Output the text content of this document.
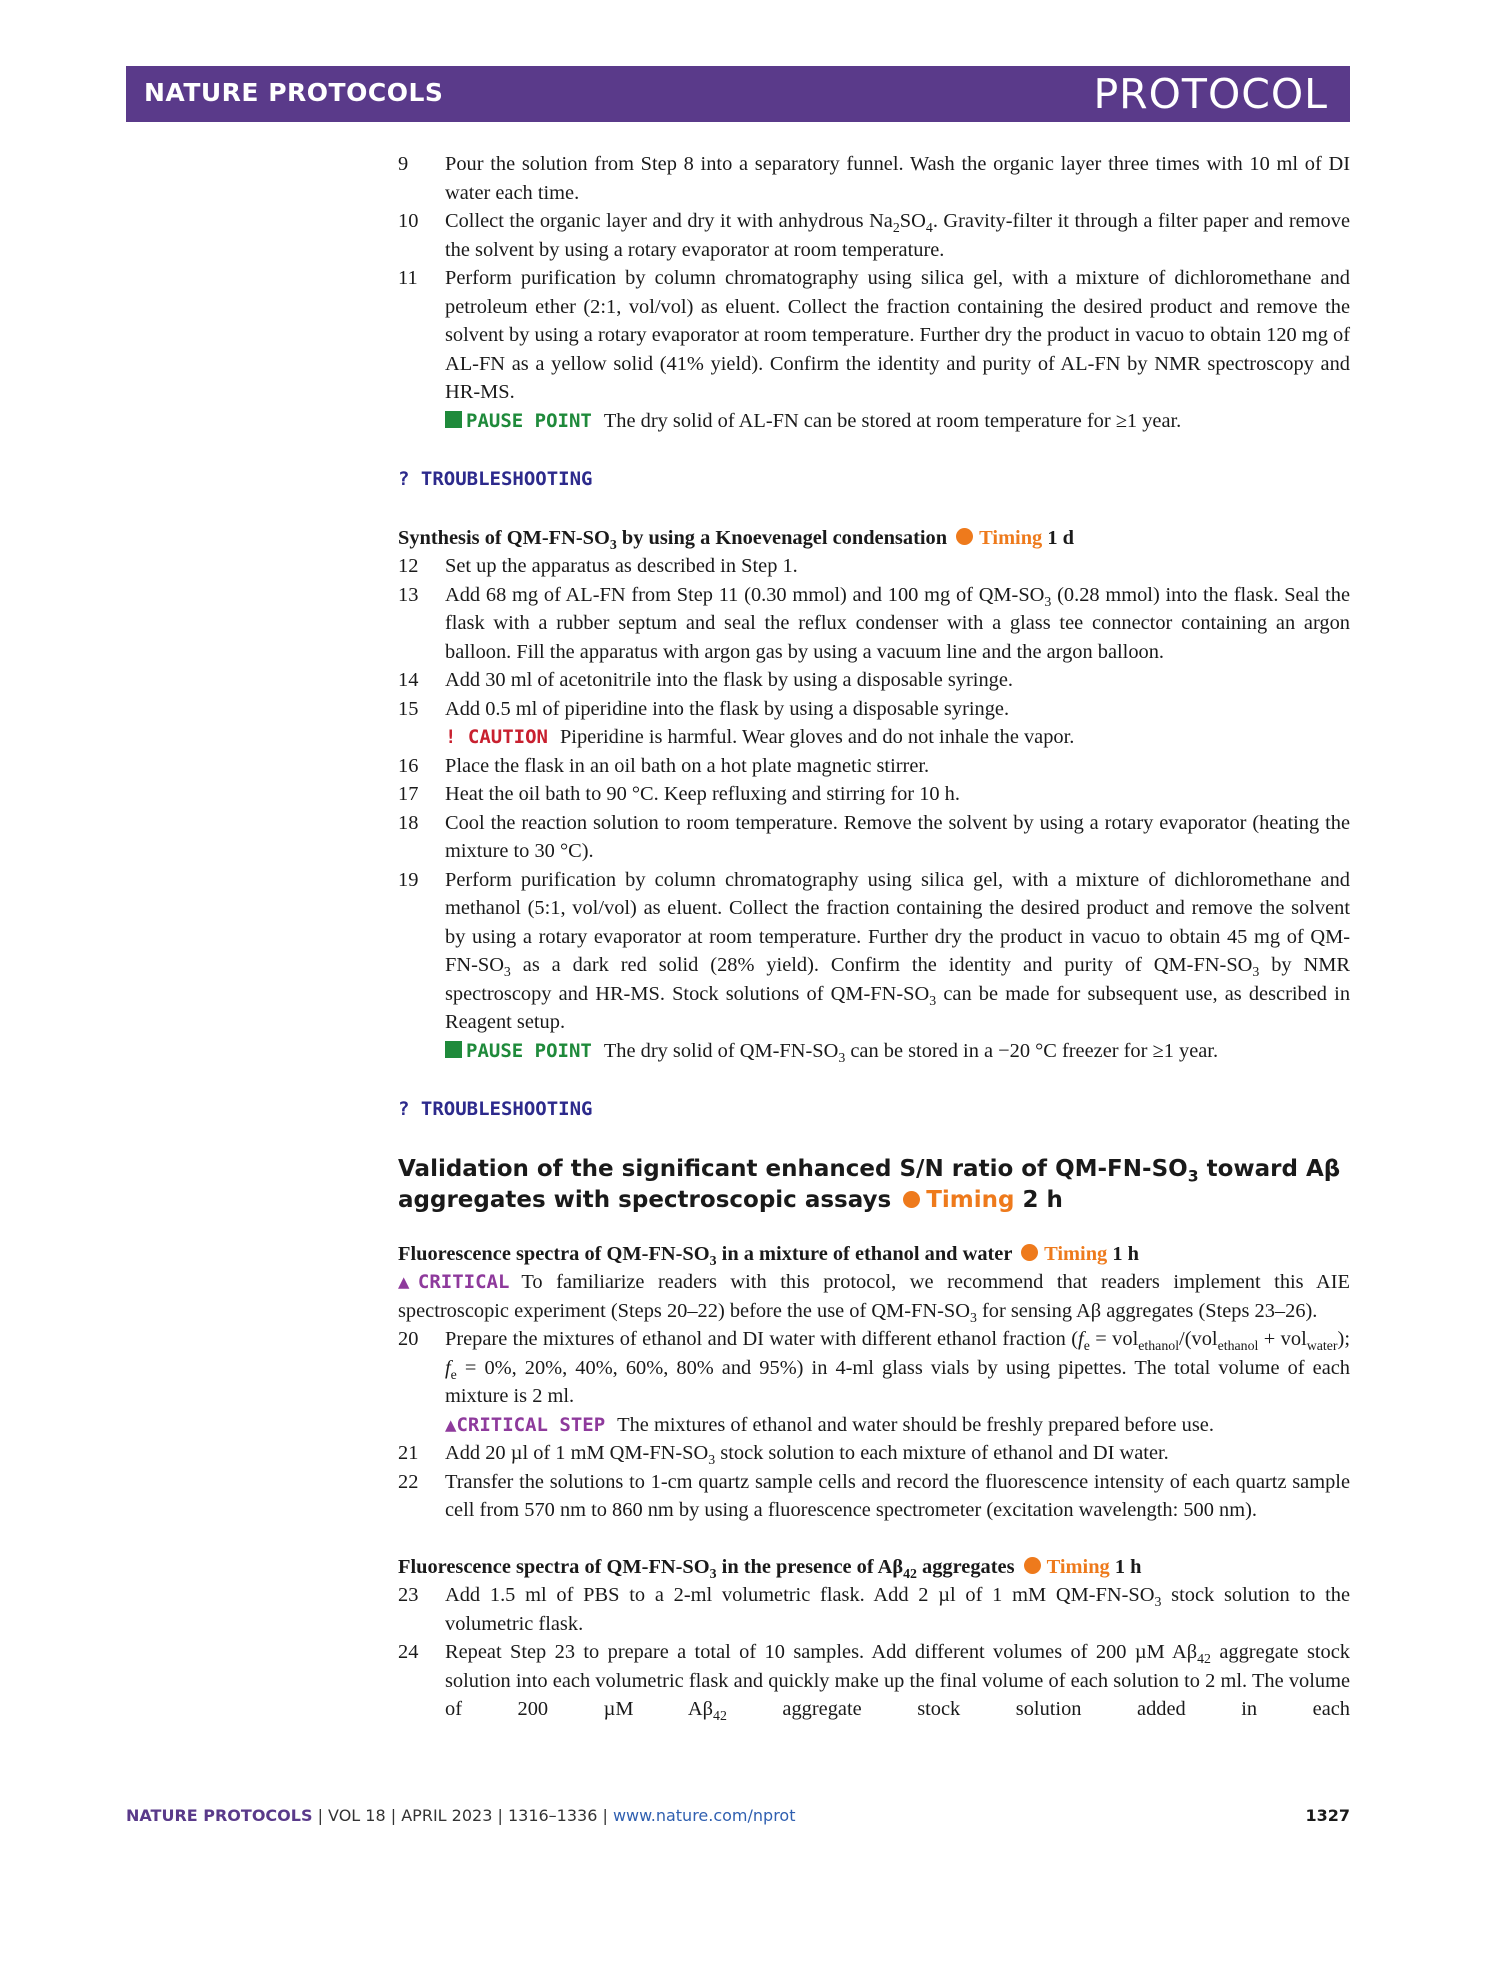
NATURE PROTOCOLS	PROTOCOL
9	Pour the solution from Step 8 into a separatory funnel. Wash the organic layer three times with 10 ml of DI water each time.
10	Collect the organic layer and dry it with anhydrous $Na_2SO_4$. Gravity-filter it through a filter paper and remove the solvent by using a rotary evaporator at room temperature.
11	Perform purification by column chromatography using silica gel, with a mixture of dichloromethane and petroleum ether (2:1, vol/vol) as eluent. Collect the fraction containing the desired product and remove the solvent by using a rotary evaporator at room temperature. Further dry the product in vacuo to obtain 120 mg of AL-FN as a yellow solid (41% yield). Confirm the identity and purity of AL-FN by NMR spectroscopy and HR-MS.
PAUSE POINT The dry solid of AL-FN can be stored at room temperature for ≥1 year.
? TROUBLESHOOTING
Synthesis of $QM-FN-SO_3$ by using a Knoevenagel condensation Timing 1 d
12	Set up the apparatus as described in Step 1.
13	Add 68 mg of AL-FN from Step 11 (0.30 mmol) and 100 mg of $QM-SO_3$ (0.28 mmol) into the flask. Seal the flask with a rubber septum and seal the reflux condenser with a glass tee connector containing an argon balloon. Fill the apparatus with argon gas by using a vacuum line and the argon balloon.
14	Add 30 ml of acetonitrile into the flask by using a disposable syringe.
15	Add 0.5 ml of piperidine into the flask by using a disposable syringe.
! CAUTION Piperidine is harmful. Wear gloves and do not inhale the vapor.
16	Place the flask in an oil bath on a hot plate magnetic stirrer.
17	Heat the oil bath to 90 °C. Keep refluxing and stirring for 10 h.
18	Cool the reaction solution to room temperature. Remove the solvent by using a rotary evaporator (heating the mixture to 30 °C).
19	Perform purification by column chromatography using silica gel, with a mixture of dichloromethane and methanol (5:1, vol/vol) as eluent. Collect the fraction containing the desired product and remove the solvent by using a rotary evaporator at room temperature. Further dry the product in vacuo to obtain 45 mg of $QM-FN-SO_3$ as a dark red solid (28% yield). Confirm the identity and purity of $QM-FN-SO_3$ by NMR spectroscopy and HR-MS. Stock solutions of $QM-FN-SO_3$ can be made for subsequent use, as described in Reagent setup.
PAUSE POINT The dry solid of $QM-FN-SO_3$ can be stored in a −20 °C freezer for ≥1 year.
? TROUBLESHOOTING
Validation of the significant enhanced S/N ratio of $QM-FN-SO_3$ toward Aβ aggregates with spectroscopic assays Timing 2 h
Fluorescence spectra of $QM-FN-SO_3$ in a mixture of ethanol and water Timing 1 h
▲CRITICAL To familiarize readers with this protocol, we recommend that readers implement this AIE spectroscopic experiment (Steps 20–22) before the use of $QM-FN-SO_3$ for sensing Aβ aggregates (Steps 23–26).
20	Prepare the mixtures of ethanol and DI water with different ethanol fraction ($f_e = vol_{ethanol}/(vol_{ethanol} + vol_{water})$; $f_e = 0\%$, 20%, 40%, 60%, 80% and 95%) in 4-ml glass vials by using pipettes. The total volume of each mixture is 2 ml.
▲CRITICAL STEP The mixtures of ethanol and water should be freshly prepared before use.
21	Add 20 µl of 1 mM $QM-FN-SO_3$ stock solution to each mixture of ethanol and DI water.
22	Transfer the solutions to 1-cm quartz sample cells and record the fluorescence intensity of each quartz sample cell from 570 nm to 860 nm by using a fluorescence spectrometer (excitation wavelength: 500 nm).
Fluorescence spectra of $QM-FN-SO_3$ in the presence of $A\beta_{42}$ aggregates Timing 1 h
23	Add 1.5 ml of PBS to a 2-ml volumetric flask. Add 2 µl of 1 mM $QM-FN-SO_3$ stock solution to the volumetric flask.
24	Repeat Step 23 to prepare a total of 10 samples. Add different volumes of 200 µM $A\beta_{42}$ aggregate stock solution into each volumetric flask and quickly make up the final volume of each solution to 2 ml. The volume of 200 µM $A\beta_{42}$ aggregate stock solution added in each
NATURE PROTOCOLS | VOL 18 | APRIL 2023 | 1316–1336 | www.nature.com/nprot	1327
